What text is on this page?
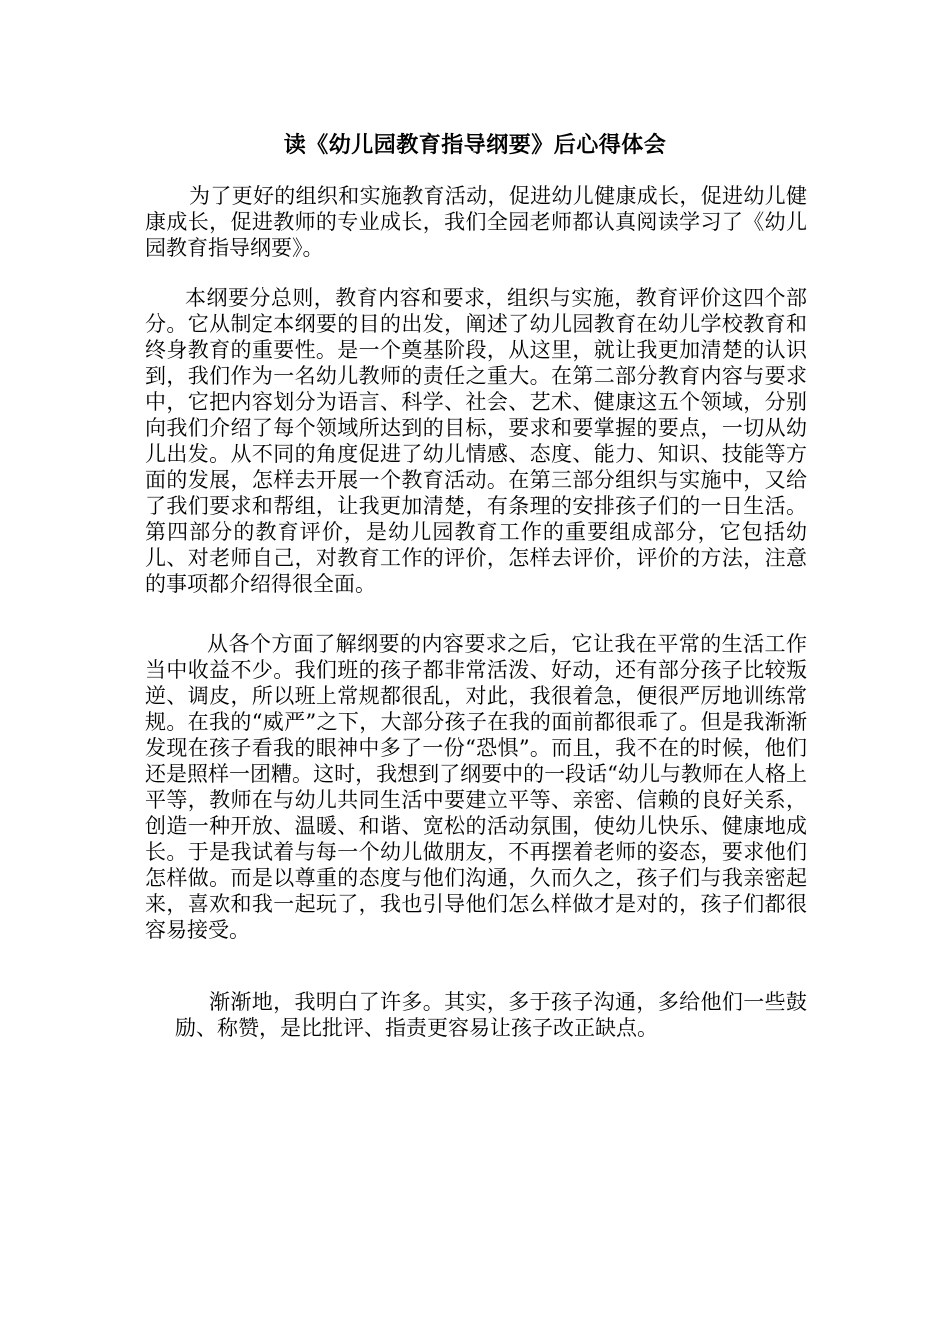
读《幼儿园教育指导纲要》后心得体会

为了更好的组织和实施教育活动，促进幼儿健康成长，促进幼儿健康成长，促进教师的专业成长，我们全园老师都认真阅读学习了《幼儿园教育指导纲要》。

本纲要分总则，教育内容和要求，组织与实施，教育评价这四个部分。它从制定本纲要的目的出发，阐述了幼儿园教育在幼儿学校教育和终身教育的重要性。是一个奠基阶段，从这里，就让我更加清楚的认识到，我们作为一名幼儿教师的责任之重大。在第二部分教育内容与要求中，它把内容划分为语言、科学、社会、艺术、健康这五个领域，分别向我们介绍了每个领域所达到的目标，要求和要掌握的要点，一切从幼儿出发。从不同的角度促进了幼儿情感、态度、能力、知识、技能等方面的发展，怎样去开展一个教育活动。在第三部分组织与实施中，又给了我们要求和帮组，让我更加清楚，有条理的安排孩子们的一日生活。第四部分的教育评价，是幼儿园教育工作的重要组成部分，它包括幼儿、对老师自己，对教育工作的评价，怎样去评价，评价的方法，注意的事项都介绍得很全面。

从各个方面了解纲要的内容要求之后，它让我在平常的生活工作当中收益不少。我们班的孩子都非常活泼、好动，还有部分孩子比较叛逆、调皮，所以班上常规都很乱，对此，我很着急，便很严厉地训练常规。在我的“威严”之下，大部分孩子在我的面前都很乖了。但是我渐渐发现在孩子看我的眼神中多了一份“恐惧”。而且，我不在的时候，他们还是照样一团糟。这时，我想到了纲要中的一段话“幼儿与教师在人格上平等，教师在与幼儿共同生活中要建立平等、亲密、信赖的良好关系，创造一种开放、温暖、和谐、宽松的活动氛围，使幼儿快乐、健康地成长。于是我试着与每一个幼儿做朋友，不再摆着老师的姿态，要求他们怎样做。而是以尊重的态度与他们沟通，久而久之，孩子们与我亲密起来，喜欢和我一起玩了，我也引导他们怎么样做才是对的，孩子们都很容易接受。

渐渐地，我明白了许多。其实，多于孩子沟通，多给他们一些鼓励、称赞，是比批评、指责更容易让孩子改正缺点。
